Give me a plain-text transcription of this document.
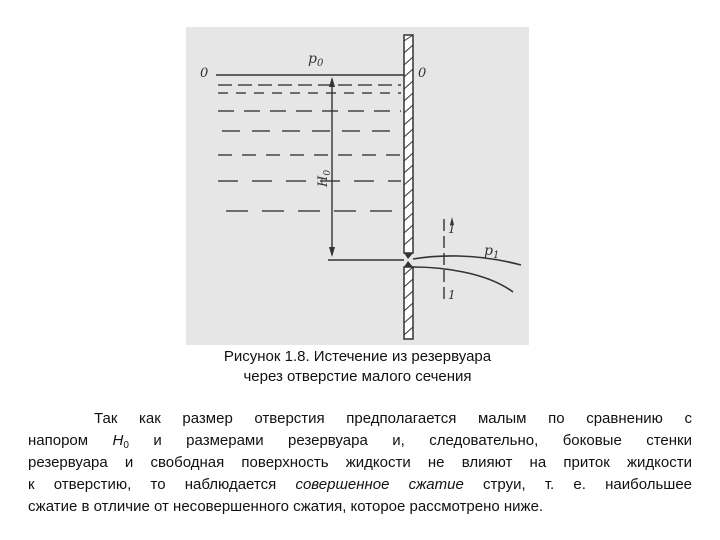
$p_0$
0	0
$H_0$
1
1
$p_1$
Рисунок 1.8. Истечение из резервуара
через отверстие малого сечения
Так как размер отверстия предполагается малым по сравнению с
напором $H_0$ и размерами резервуара и, следовательно, боковые стенки
резервуара и свободная поверхность жидкости не влияют на приток жидкости
к отверстию, то наблюдается совершенное сжатие струи, т. е. наибольшее
сжатие в отличие от несовершенного сжатия, которое рассмотрено ниже.
